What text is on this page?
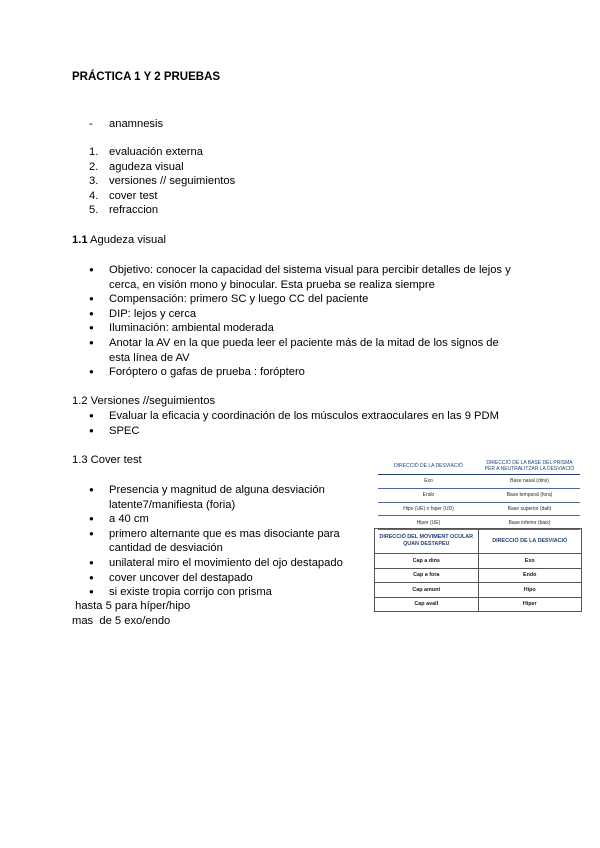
PRÁCTICA 1 Y 2 PRUEBAS
- anamnesis
1. evaluación externa
2. agudeza visual
3. versiones // seguimientos
4. cover test
5. refraccion
1.1 Agudeza visual
● Objetivo: conocer la capacidad del sistema visual para percibir detalles de lejos y cerca, en visión mono y binocular. Esta prueba se realiza siempre
● Compensación: primero SC y luego CC del paciente
● DIP: lejos y cerca
● Iluminación: ambiental moderada
● Anotar la AV en la que pueda leer el paciente más de la mitad de los signos de esta línea de AV
● Foróptero o gafas de prueba : foróptero
1.2 Versiones //seguimientos
● Evaluar la eficacia y coordinación de los músculos extraoculares en las 9 PDM
● SPEC
1.3 Cover test
● Presencia y magnitud de alguna desviación latente7/manifiesta (foria)
● a 40 cm
● primero alternante que es mas disociante para cantidad de desviación
● unilateral miro el movimiento del ojo destapado
● cover uncover del destapado
● si existe tropia corrijo con prisma
hasta 5 para híper/hipo
mas  de 5 exo/endo
DIRECCIÓ DE LA DESVIACIÓ	DIRECCIÓ DE LA BASE DEL PRISMA PER A NEUTRALITZAR LA DESVIACIÓ
Exo	Base nasal (dins)
Endo	Base temporal (fora)
Hipo (UE) o hiper (UD)	Base superior (dalt)
Hiper (UE)	Base inferior (baix)
DIRECCIÓ DEL MOVIMENT OCULAR QUAN DESTAPEU	DIRECCIÓ DE LA DESVIACIÓ
Cap a dins	Exo
Cap a fora	Endo
Cap amunt	Hipo
Cap avall	Hiper
